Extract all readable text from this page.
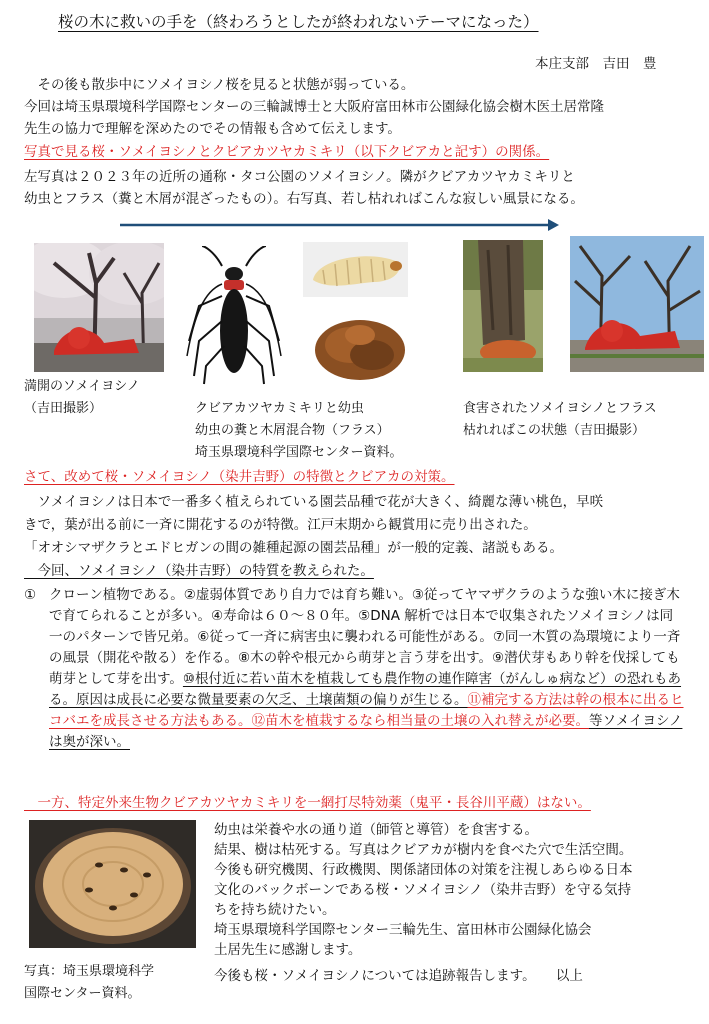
桜の木に救いの手を（終わろうとしたが終われないテーマになった）
本庄支部　吉田　豊
　その後も散歩中にソメイヨシノ桜を見ると状態が弱っている。
今回は埼玉県環境科学国際センターの三輪誠博士と大阪府富田林市公園緑化協会樹木医土居常隆
先生の協力で理解を深めたのでその情報も含めて伝えします。
写真で見る桜・ソメイヨシノとクビアカツヤカミキリ（以下クビアカと記す）の関係。
左写真は２０２３年の近所の通称・タコ公園のソメイヨシノ。隣がクビアカツヤカミキリと
幼虫とフラス（糞と木屑が混ざったもの）。右写真、若し枯れればこんな寂しい風景になる。
満開のソメイヨシノ
（吉田撮影）	クビアカツヤカミキリと幼虫
幼虫の糞と木屑混合物（フラス）
埼玉県環境科学国際センター資料。
食害されたソメイヨシノとフラス
枯れればこの状態（吉田撮影）
さて、改めて桜・ソメイヨシノ（染井吉野）の特徴とクビアカの対策。
　ソメイヨシノは日本で一番多く植えられている園芸品種で花が大きく、綺麗な薄い桃色，早咲
きで，葉が出る前に一斉に開花するのが特徴。江戸末期から観賞用に売り出された。
「オオシマザクラとエドヒガンの間の雑種起源の園芸品種」が一般的定義、諸説もある。
　今回、ソメイヨシノ（染井吉野）の特質を教えられた。
① クローン植物である。②虚弱体質であり自力では育ち難い。③従ってヤマザクラのような強い木に接ぎ木で育てられることが多い。④寿命は６０～８０年。⑤DNA 解析では日本で収集されたソメイヨシノは同一のパターンで皆兄弟。⑥従って一斉に病害虫に襲われる可能性がある。⑦同一木質の為環境により一斉の風景（開花や散る）を作る。⑧木の幹や根元から萌芽と言う芽を出す。⑨潜伏芽もあり幹を伐採しても萌芽として芽を出す。⑩根付近に若い苗木を植栽しても農作物の連作障害（がんしゅ病など）の恐れもある。原因は成長に必要な微量要素の欠乏、土壌菌類の偏りが生じる。⑪補完する方法は幹の根本に出るヒコバエを成長させる方法もある。⑫苗木を植栽するなら相当量の土壌の入れ替えが必要。等ソメイヨシノは奥が深い。
　一方、特定外来生物クビアカツヤカミキリを一網打尽特効薬（鬼平・長谷川平蔵）はない。
写真：埼玉県環境科学
国際センター資料。
幼虫は栄養や水の通り道（師管と導管）を食害する。
結果、樹は枯死する。写真はクビアカが樹内を食べた穴で生活空間。
今後も研究機関、行政機関、関係諸団体の対策を注視しあらゆる日本
文化のバックボーンである桜・ソメイヨシノ（染井吉野）を守る気持
ちを持ち続けたい。
埼玉県環境科学国際センター三輪先生、富田林市公園緑化協会
土居先生に感謝します。
今後も桜・ソメイヨシノについては追跡報告します。　　以上
